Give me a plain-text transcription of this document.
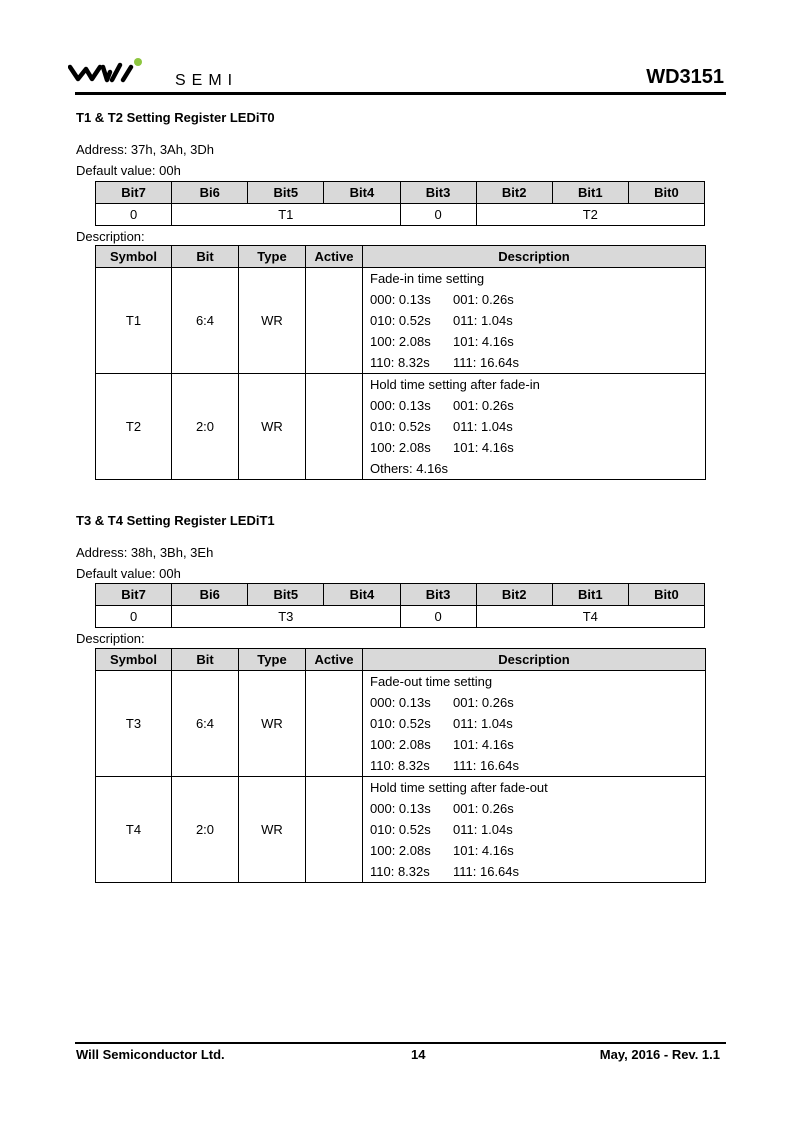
SEMI	WD3151
T1 & T2 Setting Register LEDiT0
Address: 37h, 3Ah, 3Dh
Default value: 00h
Bit7	Bi6	Bit5	Bit4	Bit3	Bit2	Bit1	Bit0
0	T1			0	T2		
Description:
Symbol	Bit	Type	Active	Description
T1	6:4	WR		Fade-in time setting
000: 0.13s 001: 0.26s
010: 0.52s 011: 1.04s
100: 2.08s 101: 4.16s
110: 8.32s 111: 16.64s

T2	2:0	WR		Hold time setting after fade-in
000: 0.13s 001: 0.26s
010: 0.52s 011: 1.04s
100: 2.08s 101: 4.16s
Others: 4.16s
T3 & T4 Setting Register LEDiT1
Address: 38h, 3Bh, 3Eh
Default value: 00h
Bit7	Bi6	Bit5	Bit4	Bit3	Bit2	Bit1	Bit0
0	T3			0	T4		
Description:
Symbol	Bit	Type	Active	Description
T3	6:4	WR		Fade-out time setting
000: 0.13s 001: 0.26s
010: 0.52s 011: 1.04s
100: 2.08s 101: 4.16s
110: 8.32s 111: 16.64s

T4	2:0	WR		Hold time setting after fade-out
000: 0.13s 001: 0.26s
010: 0.52s 011: 1.04s
100: 2.08s 101: 4.16s
110: 8.32s 111: 16.64s
Will Semiconductor Ltd.	14	May, 2016 - Rev. 1.1
